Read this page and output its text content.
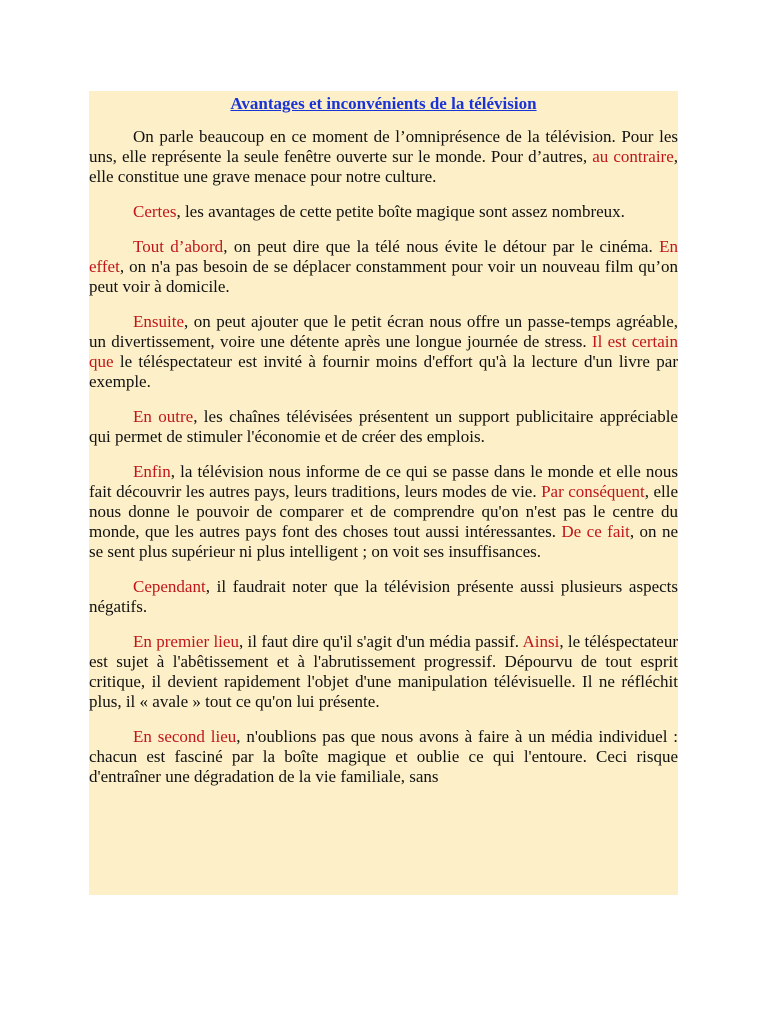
Avantages et inconvénients de la télévision

On parle beaucoup en ce moment de l’omniprésence de la télévision. Pour les uns, elle représente la seule fenêtre ouverte sur le monde. Pour d’autres, au contraire, elle constitue une grave menace pour notre culture.

Certes, les avantages de cette petite boîte magique sont assez nombreux.

Tout d’abord, on peut dire que la télé nous évite le détour par le cinéma. En effet, on n'a pas besoin de se déplacer constamment pour voir un nouveau film qu’on peut voir à domicile.

Ensuite, on peut ajouter que le petit écran nous offre un passe-temps agréable, un divertissement, voire une détente après une longue journée de stress. Il est certain que le téléspectateur est invité à fournir moins d'effort qu'à la lecture d'un livre par exemple.

En outre, les chaînes télévisées présentent un support publicitaire appréciable qui permet de stimuler l'économie et de créer des emplois.

Enfin, la télévision nous informe de ce qui se passe dans le monde et elle nous fait découvrir les autres pays, leurs traditions, leurs modes de vie. Par conséquent, elle nous donne le pouvoir de comparer et de comprendre qu'on n'est pas le centre du monde, que les autres pays font des choses tout aussi intéressantes. De ce fait, on ne se sent plus supérieur ni plus intelligent ; on voit ses insuffisances.

Cependant, il faudrait noter que la télévision présente aussi plusieurs aspects négatifs.

En premier lieu, il faut dire qu'il s'agit d'un média passif. Ainsi, le téléspectateur est sujet à l'abêtissement et à l'abrutissement progressif. Dépourvu de tout esprit critique, il devient rapidement l'objet d'une manipulation télévisuelle. Il ne réfléchit plus, il « avale » tout ce qu'on lui présente.

En second lieu, n'oublions pas que nous avons à faire à un média individuel : chacun est fasciné par la boîte magique et oublie ce qui l'entoure. Ceci risque d'entraîner une dégradation de la vie familiale, sans
